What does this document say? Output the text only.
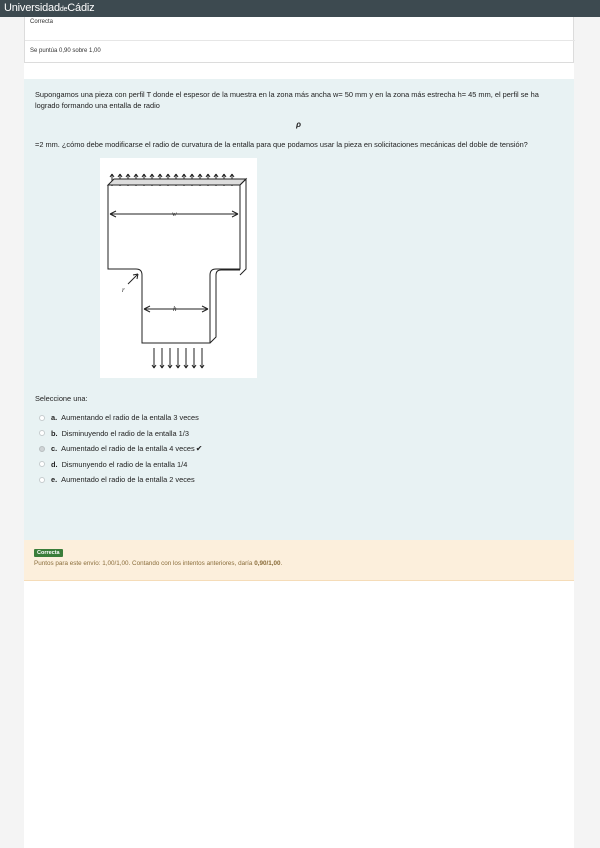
UniversidaddeCádiz
Correcta
Se puntúa 0,90 sobre 1,00

Supongamos una pieza con perfil T donde el espesor de la muestra en la zona más ancha w= 50 mm y en la zona más estrecha h= 45 mm, el perfil se ha logrado formando una entalla de radio

ρ

=2 mm. ¿cómo debe modificarse el radio de curvatura de la entalla para que podamos usar la pieza en solicitaciones mecánicas del doble de tensión?

w
h
r

Seleccione una:

a. Aumentando el radio de la entalla 3 veces
b. Disminuyendo el radio de la entalla 1/3
c. Aumentado el radio de la entalla 4 veces ✔
d. Dismunyendo el radio de la entalla 1/4
e. Aumentado el radio de la entalla 2 veces
Correcta
Puntos para este envío: 1,00/1,00. Contando con los intentos anteriores, daría 0,90/1,00.
